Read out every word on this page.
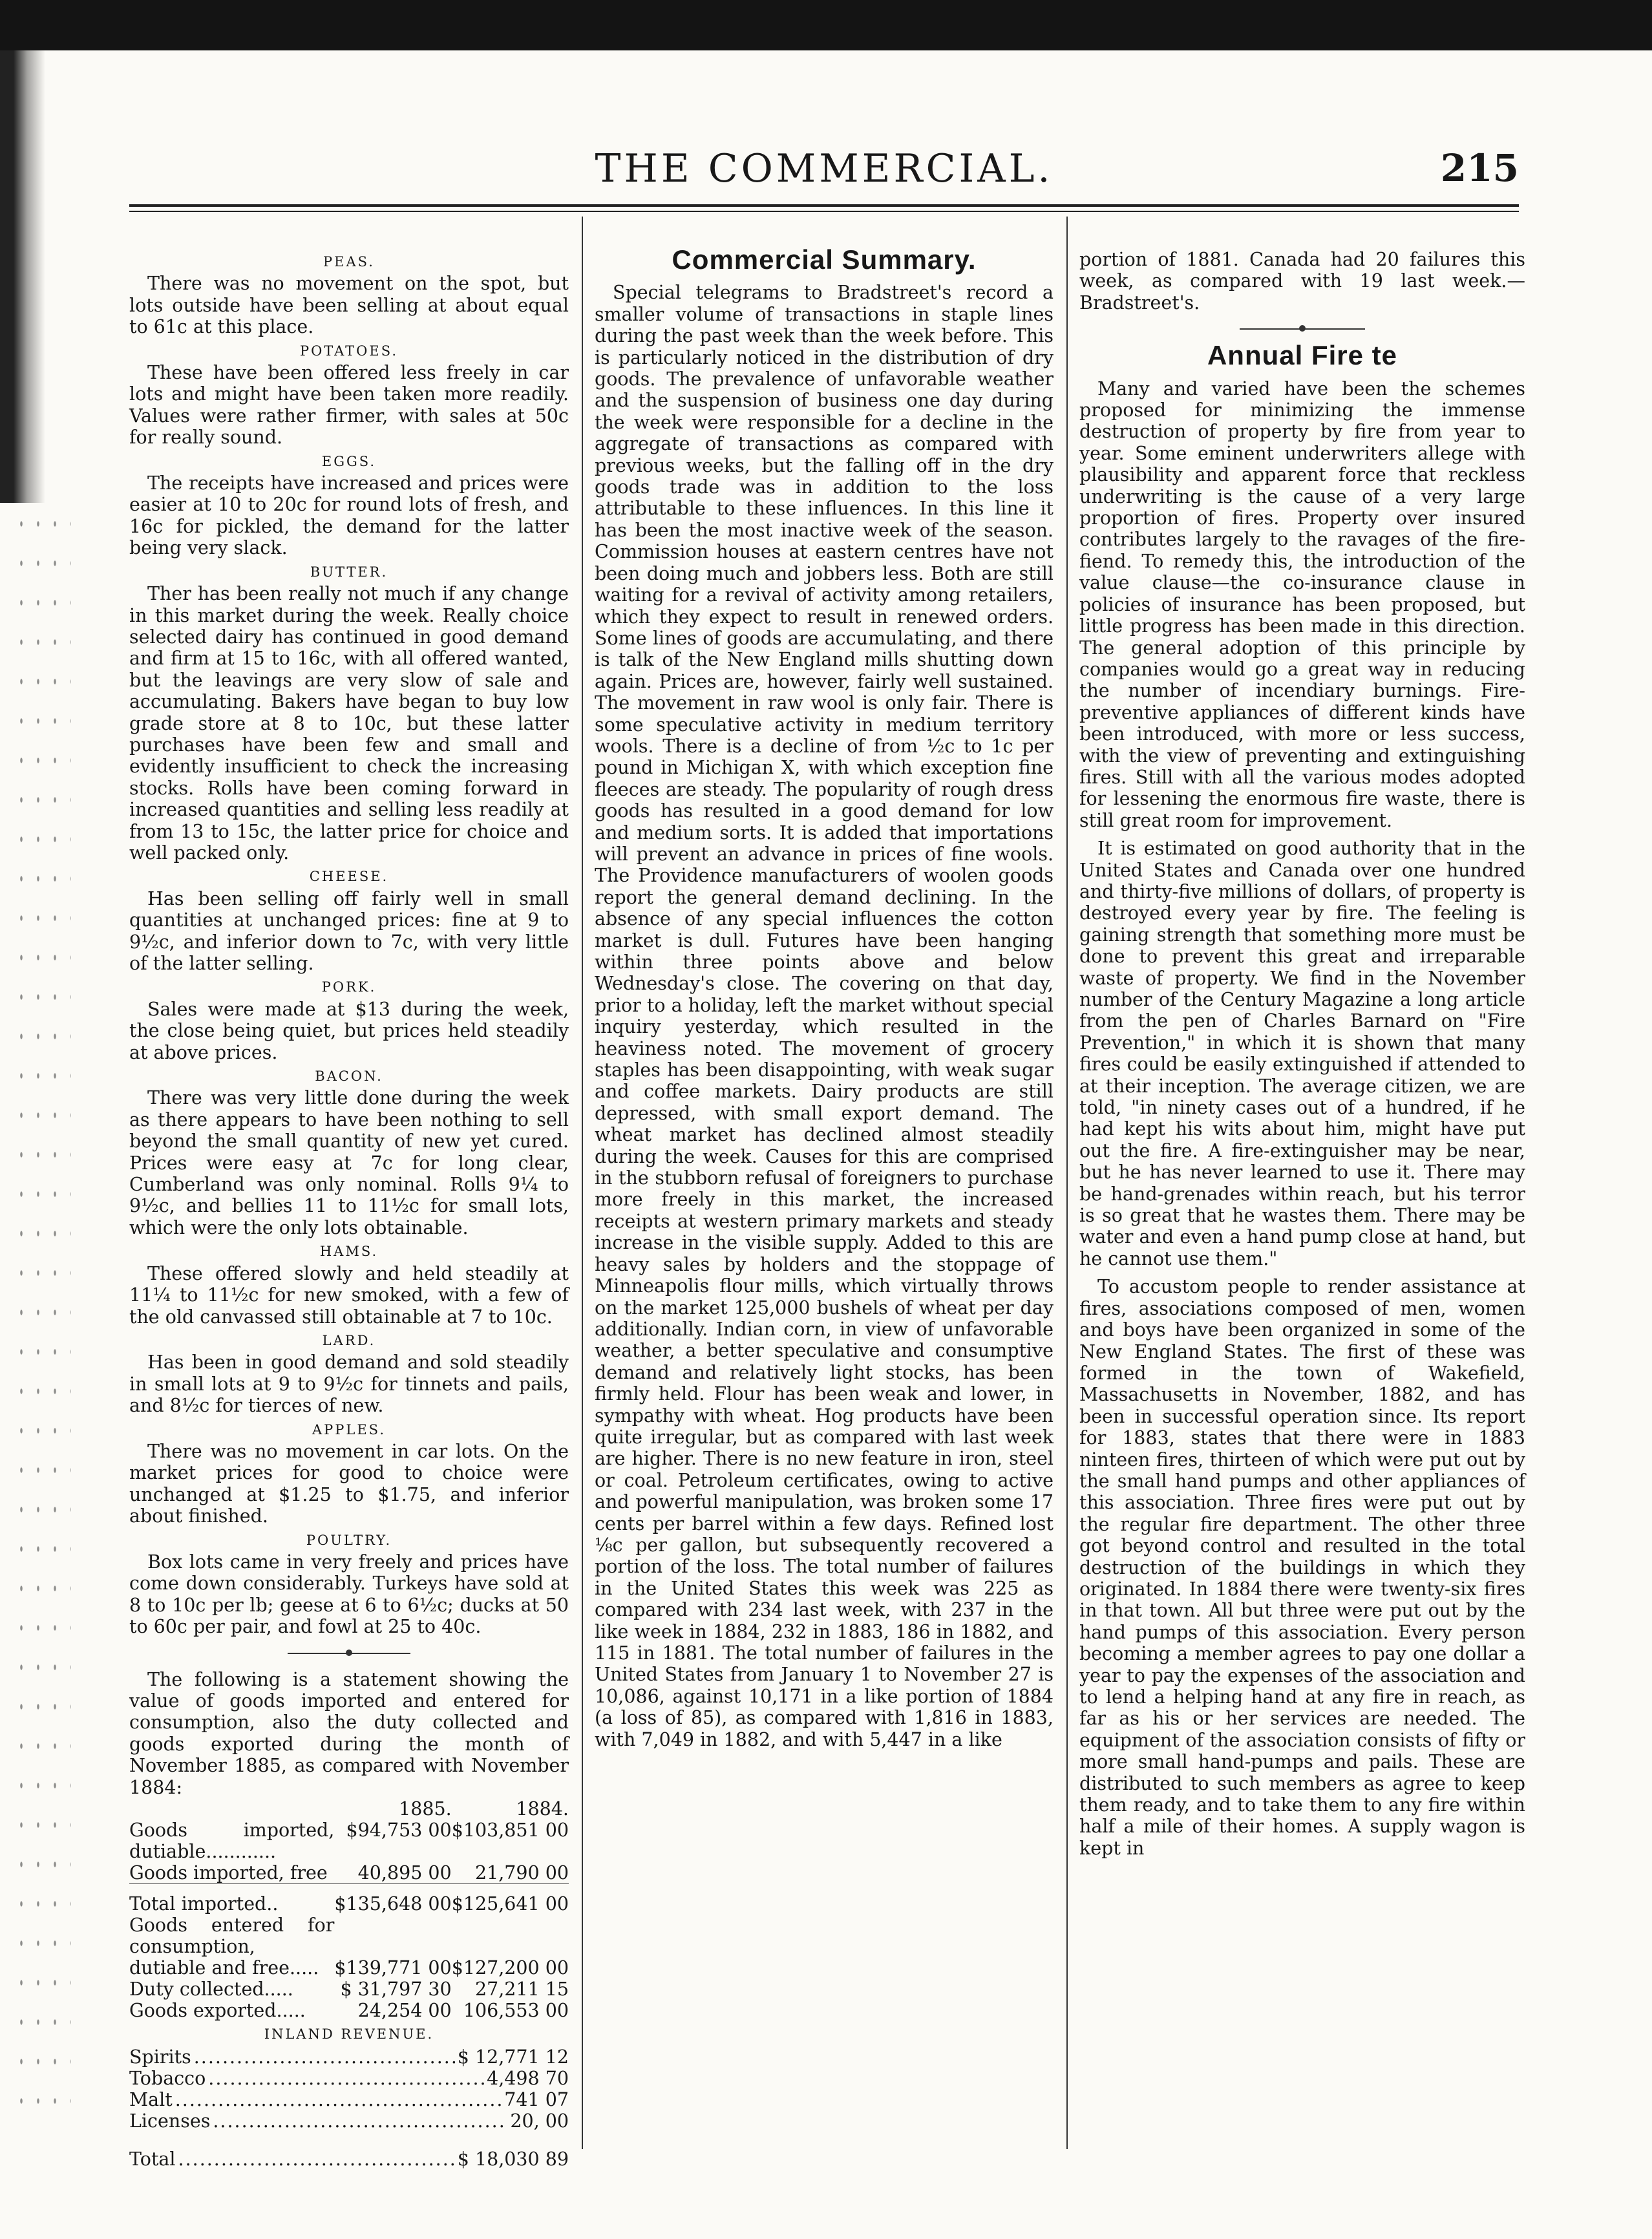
THE COMMERCIAL.	215
PEAS.

There was no movement on the spot, but lots outside have been selling at about equal to 61c at this place.

POTATOES.

These have been offered less freely in car lots and might have been taken more readily. Values were rather firmer, with sales at 50c for really sound.

EGGS.

The receipts have increased and prices were easier at 10 to 20c for round lots of fresh, and 16c for pickled, the demand for the latter being very slack.

BUTTER.

Ther has been really not much if any change in this market during the week. Really choice selected dairy has continued in good demand and firm at 15 to 16c, with all offered wanted, but the leavings are very slow of sale and accumulating. Bakers have began to buy low grade store at 8 to 10c, but these latter purchases have been few and small and evidently insufficient to check the increasing stocks. Rolls have been coming forward in increased quantities and selling less readily at from 13 to 15c, the latter price for choice and well packed only.

CHEESE.

Has been selling off fairly well in small quantities at unchanged prices: fine at 9 to 9½c, and inferior down to 7c, with very little of the latter selling.

PORK.

Sales were made at $13 during the week, the close being quiet, but prices held steadily at above prices.

BACON.

There was very little done during the week as there appears to have been nothing to sell beyond the small quantity of new yet cured. Prices were easy at 7c for long clear, Cumberland was only nominal. Rolls 9¼ to 9½c, and bellies 11 to 11½c for small lots, which were the only lots obtainable.

HAMS.

These offered slowly and held steadily at 11¼ to 11½c for new smoked, with a few of the old canvassed still obtainable at 7 to 10c.

LARD.

Has been in good demand and sold steadily in small lots at 9 to 9½c for tinnets and pails, and 8½c for tierces of new.

APPLES.

There was no movement in car lots. On the market prices for good to choice were unchanged at $1.25 to $1.75, and inferior about finished.

POULTRY.

Box lots came in very freely and prices have come down considerably. Turkeys have sold at 8 to 10c per lb; geese at 6 to 6½c; ducks at 50 to 60c per pair, and fowl at 25 to 40c.

The following is a statement showing the value of goods imported and entered for consumption, also the duty collected and goods exported during the month of November 1885, as compared with November 1884:

	1885.	1884.
Goods imported, dutiable............	$94,753 00	$103,851 00
Goods imported, free	40,895 00	21,790 00

Total imported..	$135,648 00	$125,641 00
Goods entered for consumption, dutiable and free.....	$139,771 00	$127,200 00
Duty collected.....	$ 31,797 30	27,211 15
Goods exported.....	24,254 00	106,553 00
INLAND REVENUE.
Spirits .....	$ 12,771 12
Tobacco .....	4,498 70
Malt .....	741 07
Licenses .....	20, 00
Total .....	$ 18,030 89
Commercial Summary.

Special telegrams to Bradstreet's record a smaller volume of transactions in staple lines during the past week than the week before. This is particularly noticed in the distribution of dry goods. The prevalence of unfavorable weather and the suspension of business one day during the week were responsible for a decline in the aggregate of transactions as compared with previous weeks, but the falling off in the dry goods trade was in addition to the loss attributable to these influences. In this line it has been the most inactive week of the season. Commission houses at eastern centres have not been doing much and jobbers less. Both are still waiting for a revival of activity among retailers, which they expect to result in renewed orders. Some lines of goods are accumulating, and there is talk of the New England mills shutting down again. Prices are, however, fairly well sustained. The movement in raw wool is only fair. There is some speculative activity in medium territory wools. There is a decline of from ½c to 1c per pound in Michigan X, with which exception fine fleeces are steady. The popularity of rough dress goods has resulted in a good demand for low and medium sorts. It is added that importations will prevent an advance in prices of fine wools. The Providence manufacturers of woolen goods report the general demand declining. In the absence of any special influences the cotton market is dull. Futures have been hanging within three points above and below Wednesday's close. The covering on that day, prior to a holiday, left the market without special inquiry yesterday, which resulted in the heaviness noted. The movement of grocery staples has been disappointing, with weak sugar and coffee markets. Dairy products are still depressed, with small export demand. The wheat market has declined almost steadily during the week. Causes for this are comprised in the stubborn refusal of foreigners to purchase more freely in this market, the increased receipts at western primary markets and steady increase in the visible supply. Added to this are heavy sales by holders and the stoppage of Minneapolis flour mills, which virtually throws on the market 125,000 bushels of wheat per day additionally. Indian corn, in view of unfavorable weather, a better speculative and consumptive demand and relatively light stocks, has been firmly held. Flour has been weak and lower, in sympathy with wheat. Hog products have been quite irregular, but as compared with last week are higher. There is no new feature in iron, steel or coal. Petroleum certificates, owing to active and powerful manipulation, was broken some 17 cents per barrel within a few days. Refined lost ⅛c per gallon, but subsequently recovered a portion of the loss. The total number of failures in the United States this week was 225 as compared with 234 last week, with 237 in the like week in 1884, 232 in 1883, 186 in 1882, and 115 in 1881. The total number of failures in the United States from January 1 to November 27 is 10,086, against 10,171 in a like portion of 1884 (a loss of 85), as compared with 1,816 in 1883, with 7,049 in 1882, and with 5,447 in a like

portion of 1881. Canada had 20 failures this week, as compared with 19 last week.—Bradstreet's.

Annual Fire te

Many and varied have been the schemes proposed for minimizing the immense destruction of property by fire from year to year. Some eminent underwriters allege with plausibility and apparent force that reckless underwriting is the cause of a very large proportion of fires. Property over insured contributes largely to the ravages of the fire-fiend. To remedy this, the introduction of the value clause—the co-insurance clause in policies of insurance has been proposed, but little progress has been made in this direction. The general adoption of this principle by companies would go a great way in reducing the number of incendiary burnings. Fire-preventive appliances of different kinds have been introduced, with more or less success, with the view of preventing and extinguishing fires. Still with all the various modes adopted for lessening the enormous fire waste, there is still great room for improvement.

It is estimated on good authority that in the United States and Canada over one hundred and thirty-five millions of dollars, of property is destroyed every year by fire. The feeling is gaining strength that something more must be done to prevent this great and irreparable waste of property. We find in the November number of the Century Magazine a long article from the pen of Charles Barnard on "Fire Prevention," in which it is shown that many fires could be easily extinguished if attended to at their inception. The average citizen, we are told, "in ninety cases out of a hundred, if he had kept his wits about him, might have put out the fire. A fire-extinguisher may be near, but he has never learned to use it. There may be hand-grenades within reach, but his terror is so great that he wastes them. There may be water and even a hand pump close at hand, but he cannot use them."

To accustom people to render assistance at fires, associations composed of men, women and boys have been organized in some of the New England States. The first of these was formed in the town of Wakefield, Massachusetts in November, 1882, and has been in successful operation since. Its report for 1883, states that there were in 1883 ninteen fires, thirteen of which were put out by the small hand pumps and other appliances of this association. Three fires were put out by the regular fire department. The other three got beyond control and resulted in the total destruction of the buildings in which they originated. In 1884 there were twenty-six fires in that town. All but three were put out by the hand pumps of this association. Every person becoming a member agrees to pay one dollar a year to pay the expenses of the association and to lend a helping hand at any fire in reach, as far as his or her services are needed. The equipment of the association consists of fifty or more small hand-pumps and pails. These are distributed to such members as agree to keep them ready, and to take them to any fire within half a mile of their homes. A supply wagon is kept in
